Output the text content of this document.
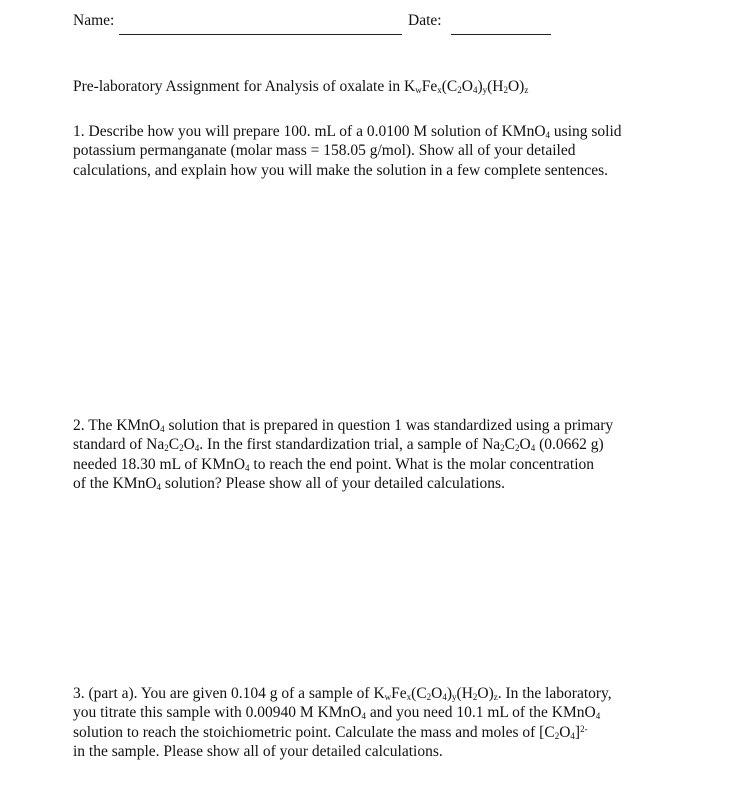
Name:	Date:
Pre-laboratory Assignment for Analysis of oxalate in $K_wFe_x(C_2O_4)_y(H_2O)_z$
1. Describe how you will prepare 100. mL of a 0.0100 M solution of KMnO$_4$ using solid
potassium permanganate (molar mass = 158.05 g/mol). Show all of your detailed
calculations, and explain how you will make the solution in a few complete sentences.
2. The KMnO$_4$ solution that is prepared in question 1 was standardized using a primary
standard of $Na_2C_2O_4$. In the first standardization trial, a sample of $Na_2C_2O_4$ (0.0662 g)
needed 18.30 mL of KMnO$_4$ to reach the end point. What is the molar concentration
of the KMnO$_4$ solution? Please show all of your detailed calculations.
3. (part a). You are given 0.104 g of a sample of $K_wFe_x(C_2O_4)_y(H_2O)_z$. In the laboratory,
you titrate this sample with 0.00940 M KMnO$_4$ and you need 10.1 mL of the KMnO$_4$
solution to reach the stoichiometric point. Calculate the mass and moles of $[C_2O_4]^{2-}$
in the sample. Please show all of your detailed calculations.
